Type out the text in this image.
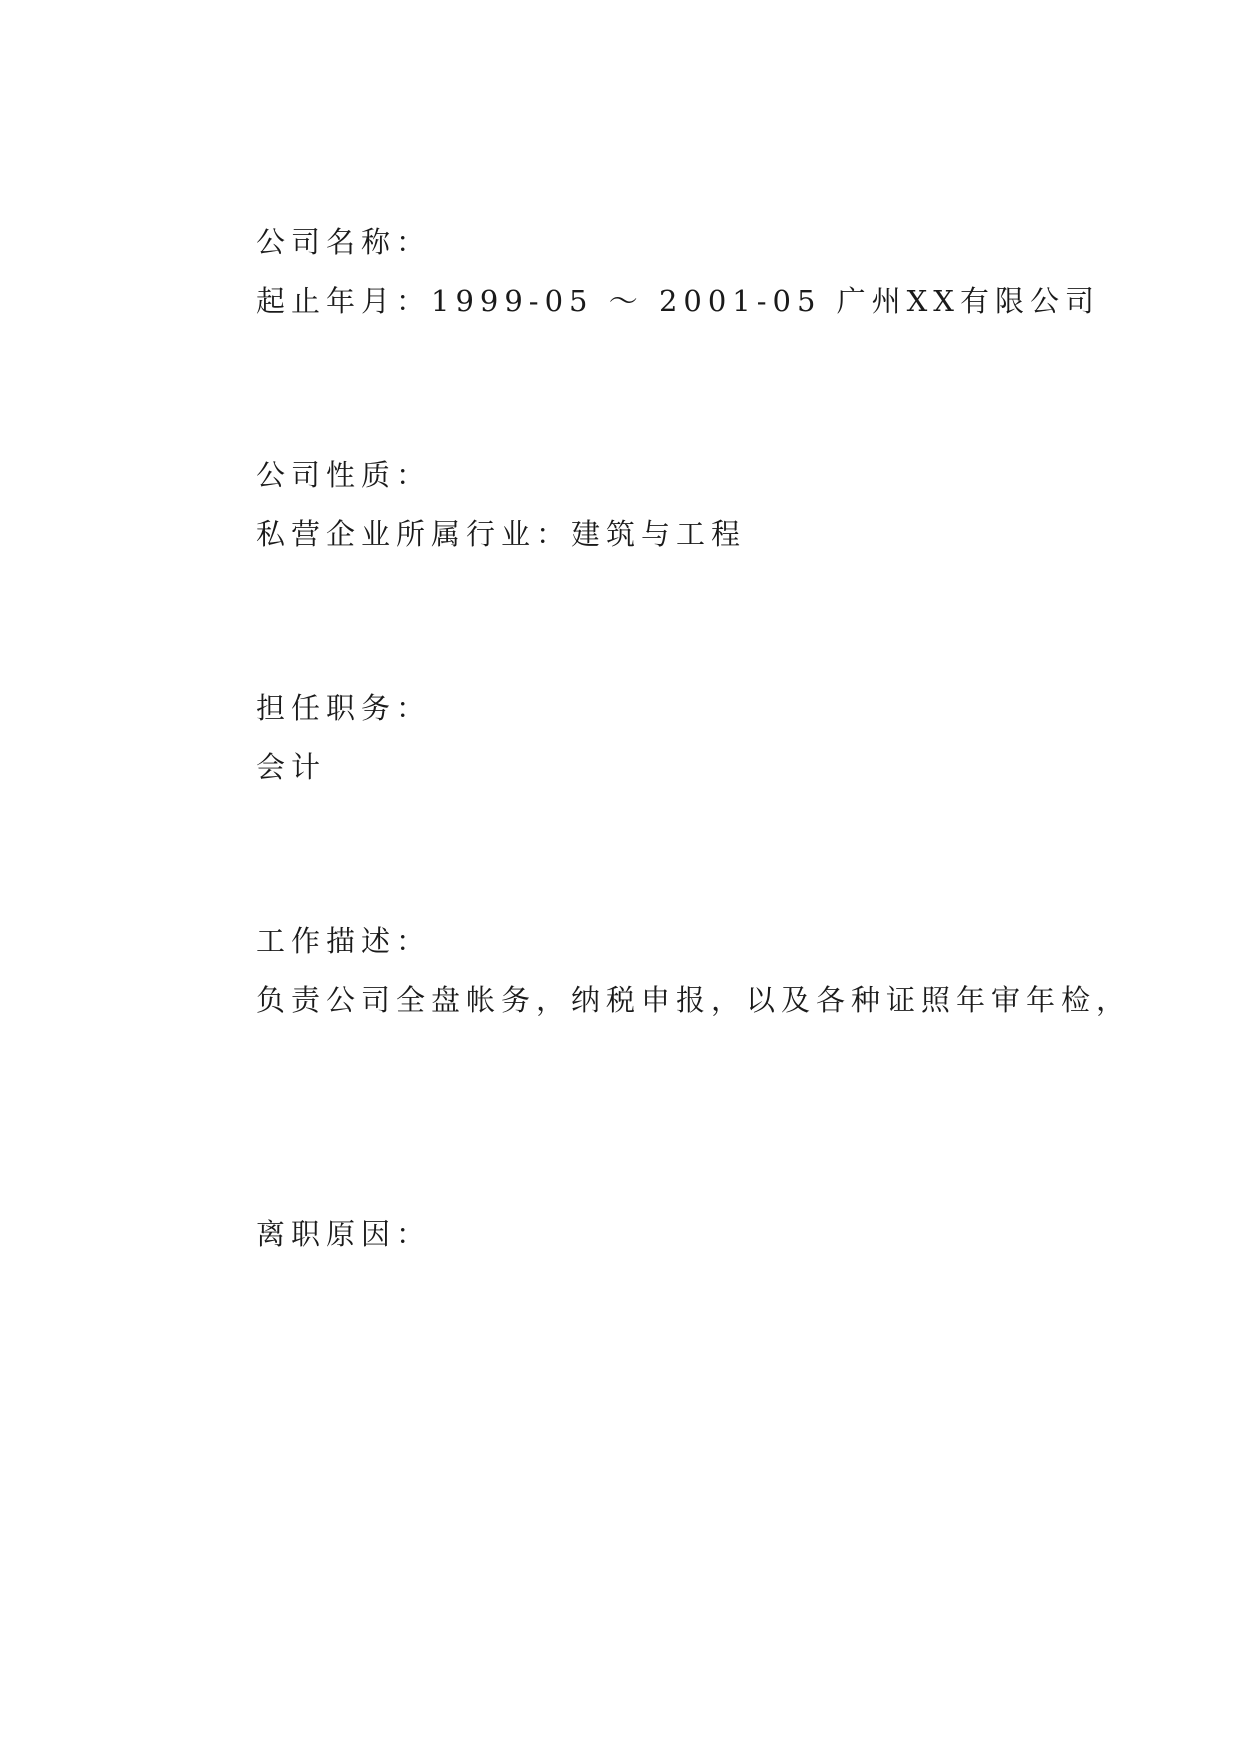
公司名称：
起止年月：1999-05 ～ 2001-05 广州XX有限公司
公司性质：
私营企业所属行业：建筑与工程
担任职务：
会计
工作描述：
负责公司全盘帐务，纳税申报，以及各种证照年审年检，
离职原因：
